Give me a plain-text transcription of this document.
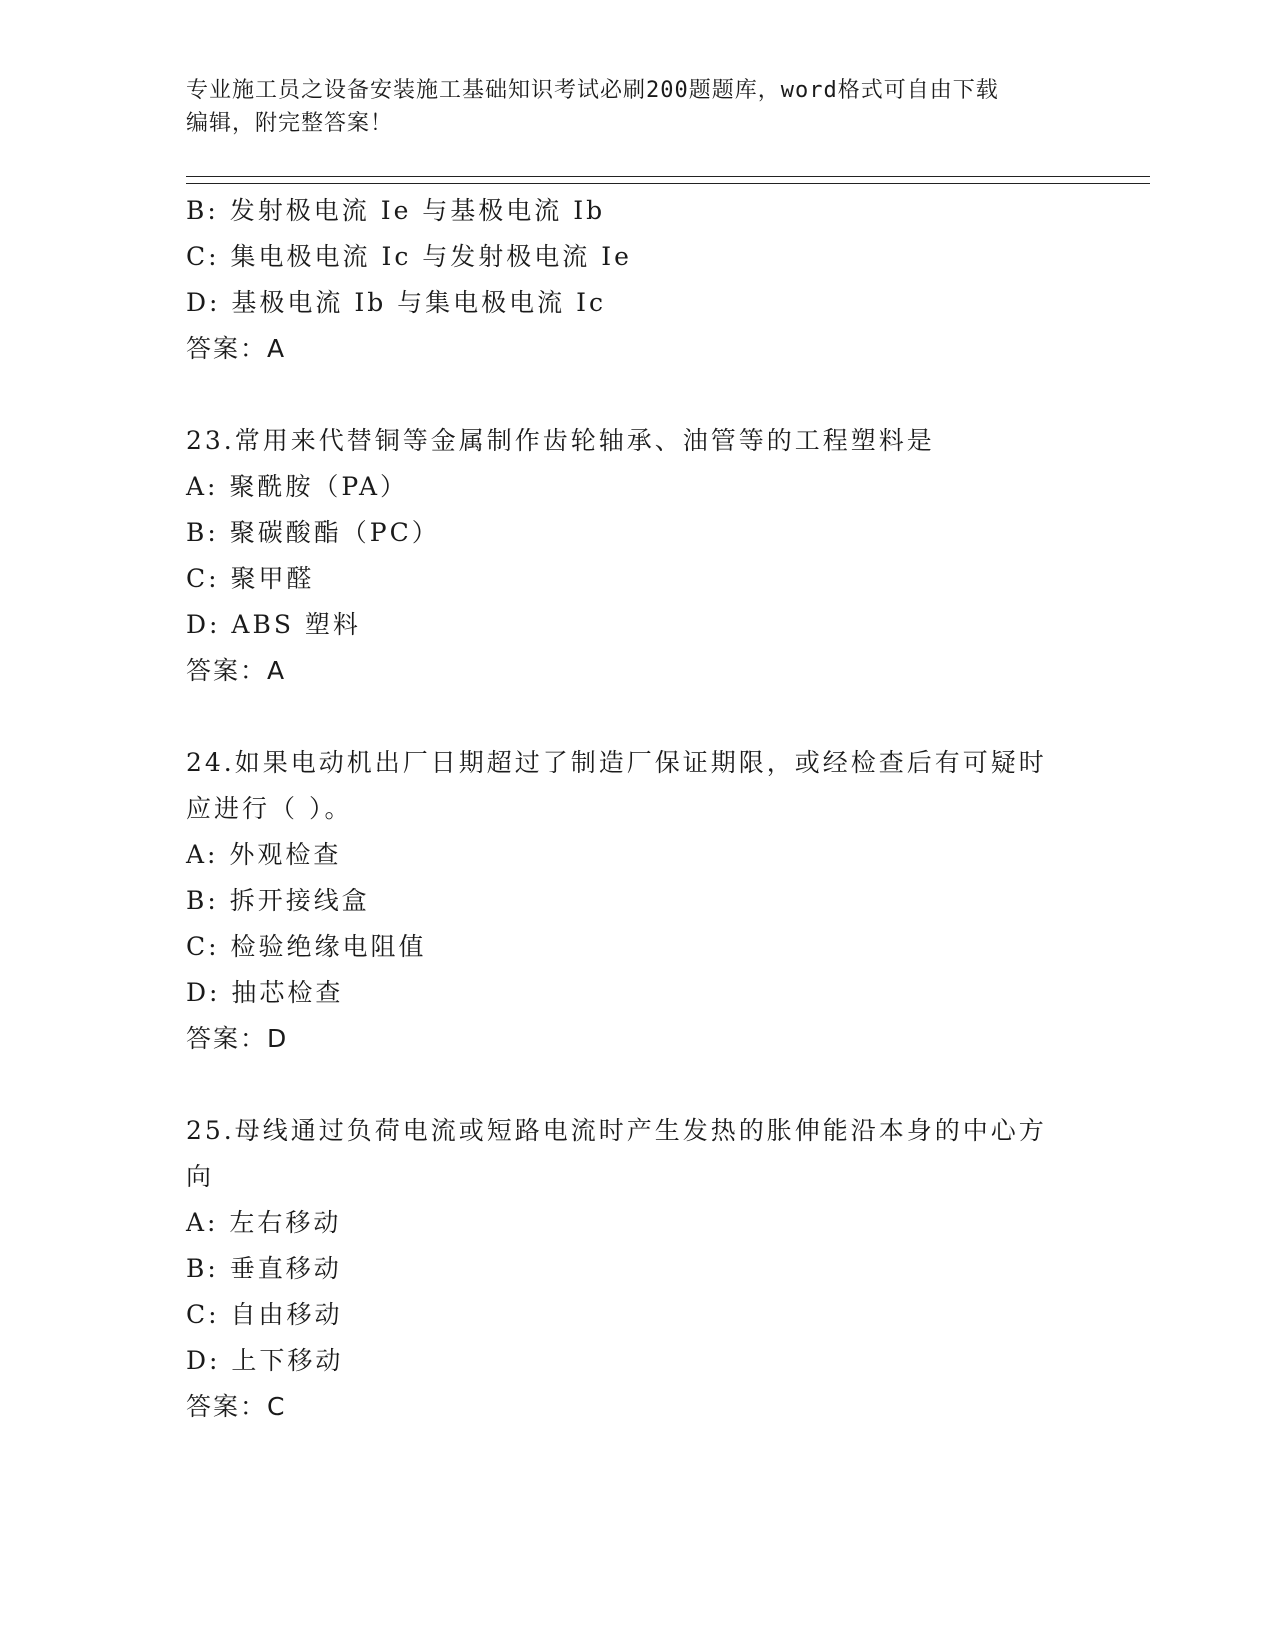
专业施工员之设备安装施工基础知识考试必刷200题题库，word格式可自由下载
编辑，附完整答案！
B: 发射极电流 Ie 与基极电流 Ib
C: 集电极电流 Ic 与发射极电流 Ie
D: 基极电流 Ib 与集电极电流 Ic
答案：A
23.常用来代替铜等金属制作齿轮轴承、油管等的工程塑料是
A: 聚酰胺（PA）
B: 聚碳酸酯（PC）
C: 聚甲醛
D: ABS 塑料
答案：A
24.如果电动机出厂日期超过了制造厂保证期限，或经检查后有可疑时
应进行（ ）。
A: 外观检查
B: 拆开接线盒
C: 检验绝缘电阻值
D: 抽芯检查
答案：D
25.母线通过负荷电流或短路电流时产生发热的胀伸能沿本身的中心方
向
A: 左右移动
B: 垂直移动
C: 自由移动
D: 上下移动
答案：C
